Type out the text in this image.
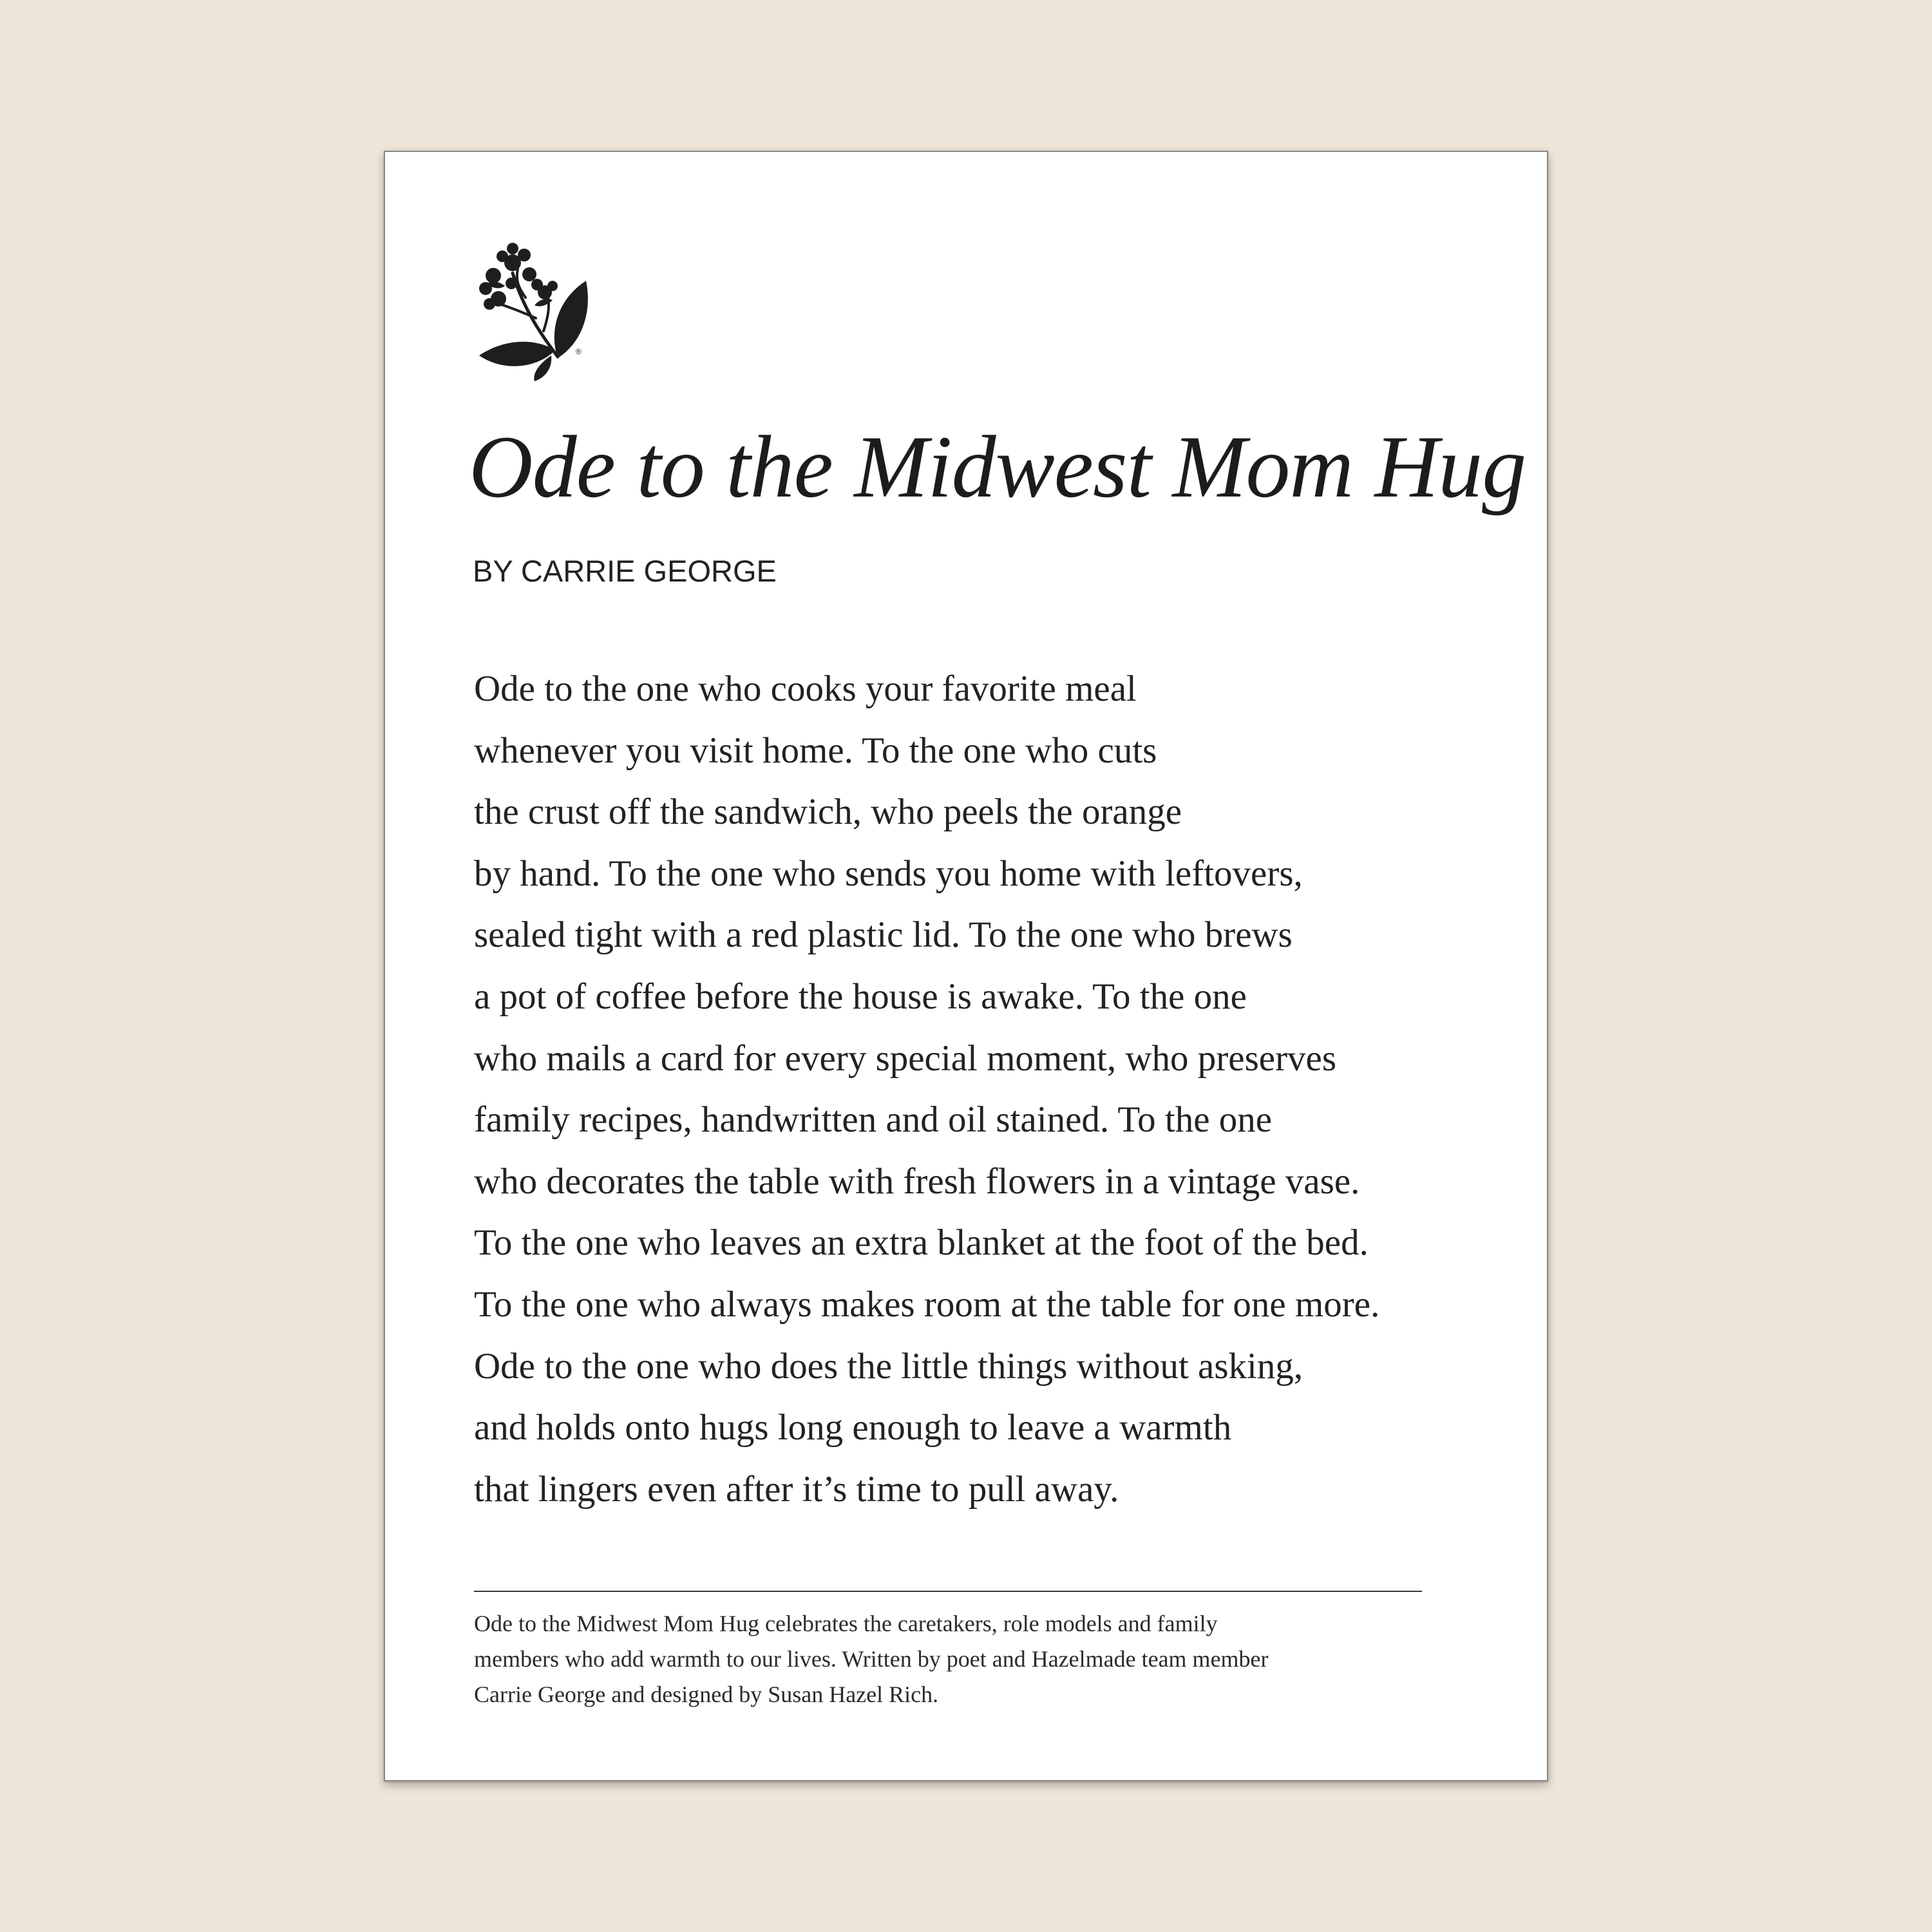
®
Ode to the Midwest Mom Hug

BY CARRIE GEORGE

Ode to the one who cooks your favorite meal
whenever you visit home. To the one who cuts
the crust off the sandwich, who peels the orange
by hand. To the one who sends you home with leftovers,
sealed tight with a red plastic lid. To the one who brews
a pot of coffee before the house is awake. To the one
who mails a card for every special moment, who preserves
family recipes, handwritten and oil stained. To the one
who decorates the table with fresh flowers in a vintage vase.
To the one who leaves an extra blanket at the foot of the bed.
To the one who always makes room at the table for one more.
Ode to the one who does the little things without asking,
and holds onto hugs long enough to leave a warmth
that lingers even after it’s time to pull away.
Ode to the Midwest Mom Hug celebrates the caretakers, role models and family
members who add warmth to our lives. Written by poet and Hazelmade team member
Carrie George and designed by Susan Hazel Rich.
